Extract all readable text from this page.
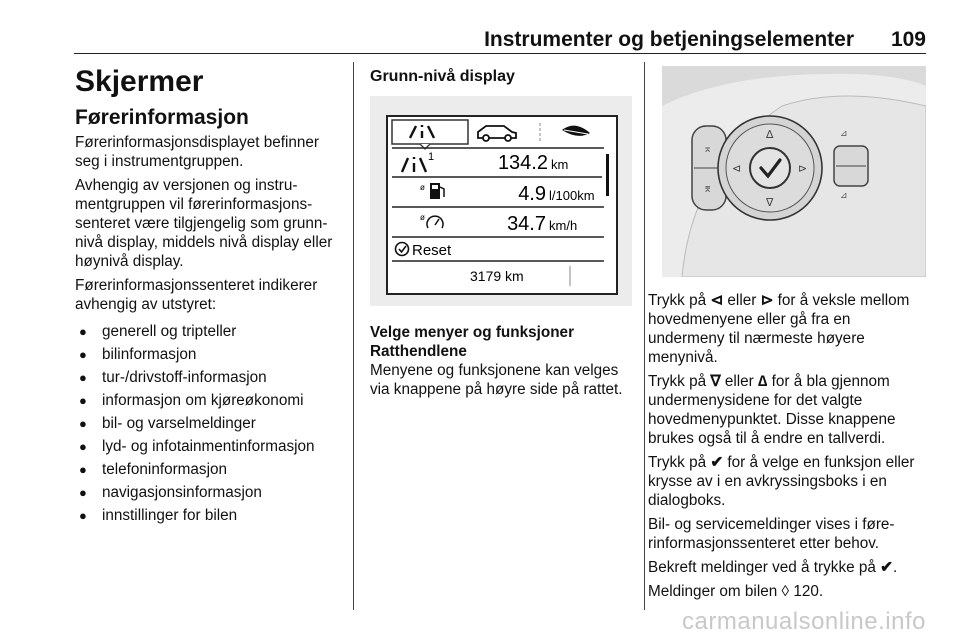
Instrumenter og betjeningselementer 109
Skjermer
Førerinformasjon

Førerinformasjonsdisplayet befinner seg i instrumentgruppen.

Avhengig av versjonen og instru-mentgruppen vil førerinformasjons-senteret være tilgjengelig som grunn-nivå display, middels nivå display eller høynivå display.

Førerinformasjonssenteret indikerer avhengig av utstyret:

● generell og tripteller
● bilinformasjon
● tur-/drivstoff-informasjon
● informasjon om kjøreøkonomi
● bil- og varselmeldinger
● lyd- og infotainmentinformasjon
● telefoninformasjon
● navigasjonsinformasjon
● innstillinger for bilen
Grunn-nivå display
1	134.2 km
ø	4.9 l/100km
ø	34.7 km/h
Reset
3179 km
Velge menyer og funksjoner
Ratthendlene
Menyene og funksjonene kan velges via knappene på høyre side på rattet.
⌅
⌆
∆
∇
⊲	⊳
⊿
⊿

Trykk på ⊲ eller ⊳ for å veksle mellom hovedmenyene eller gå fra en undermeny til nærmeste høyere menynivå.

Trykk på ∇ eller ∆ for å bla gjennom undermenysidene for det valgte hovedmenypunktet. Disse knappene brukes også til å endre en tallverdi.

Trykk på ✔ for å velge en funksjon eller krysse av i en avkryssingsboks i en dialogboks.

Bil- og servicemeldinger vises i føre-rinformasjonssenteret etter behov.

Bekreft meldinger ved å trykke på ✔.

Meldinger om bilen ◊ 120.

carmanualsonline.info
